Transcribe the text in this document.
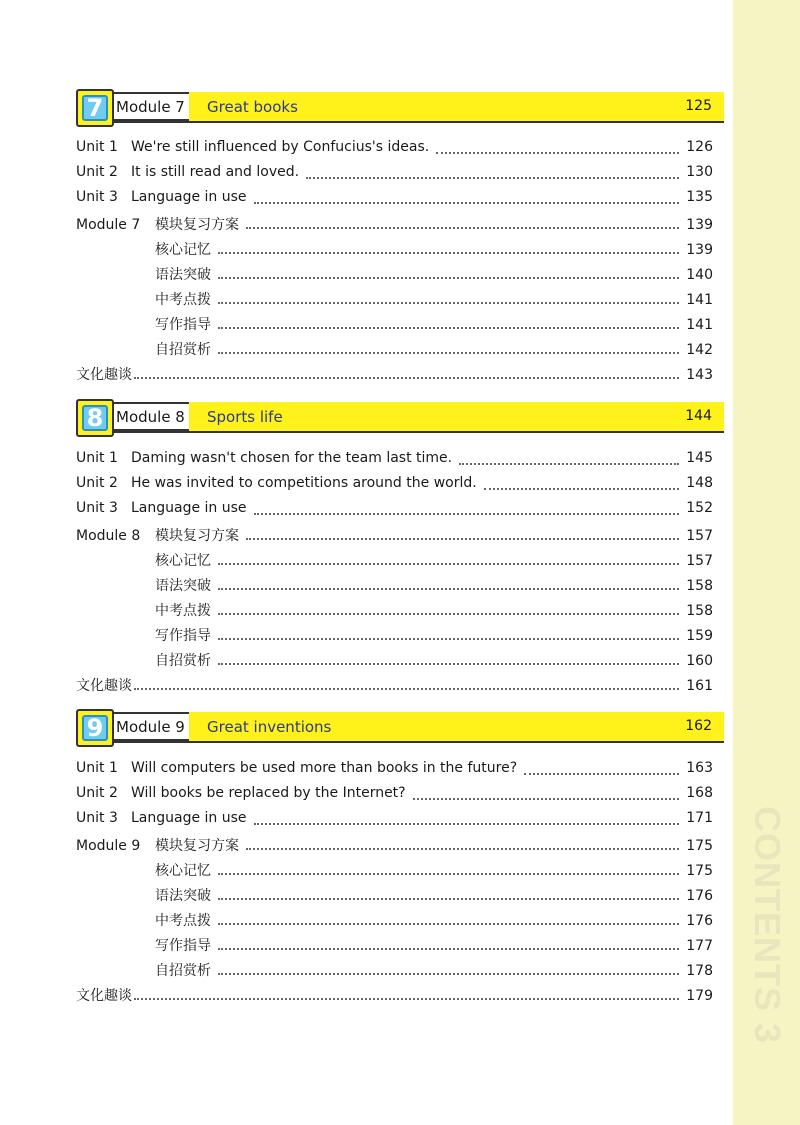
CONTENTS 3
7 Module 7 Great books	125
Unit 1 We're still influenced by Confucius's ideas.	126
Unit 2 It is still read and loved.	130
Unit 3 Language in use	135
Module 7	模块复习方案	139
核心记忆	139
语法突破	140
中考点拨	141
写作指导	141
自招赏析	142
文化趣谈	143
8 Module 8 Sports life	144
Unit 1 Daming wasn't chosen for the team last time.	145
Unit 2 He was invited to competitions around the world.	148
Unit 3 Language in use	152
Module 8	模块复习方案	157
核心记忆	157
语法突破	158
中考点拨	158
写作指导	159
自招赏析	160
文化趣谈	161
9 Module 9 Great inventions	162
Unit 1 Will computers be used more than books in the future?	163
Unit 2 Will books be replaced by the Internet?	168
Unit 3 Language in use	171
Module 9	模块复习方案	175
核心记忆	175
语法突破	176
中考点拨	176
写作指导	177
自招赏析	178
文化趣谈	179
